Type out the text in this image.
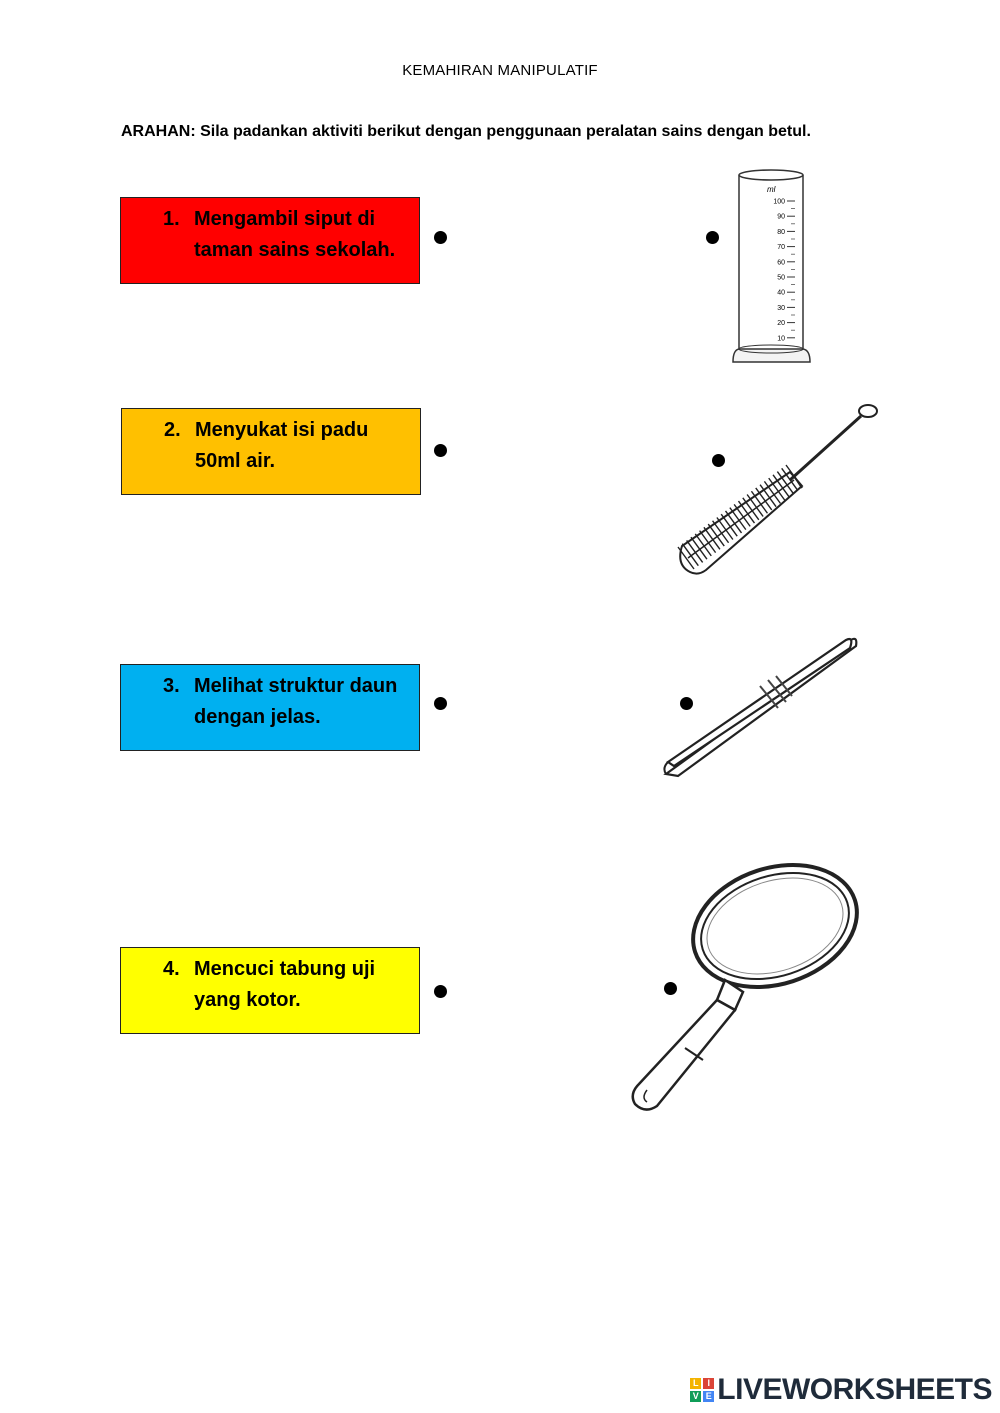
KEMAHIRAN MANIPULATIF
ARAHAN: Sila padankan aktiviti berikut dengan penggunaan peralatan sains dengan betul.
1. Mengambil siput di
taman sains sekolah.
2. Menyukat isi padu
50ml air.
3. Melihat struktur daun
dengan jelas.
4. Mencuci tabung uji
yang kotor.
ml
100
90
80
70
60
50
40
30
20
10
L I
V E LIVEWORKSHEETS
